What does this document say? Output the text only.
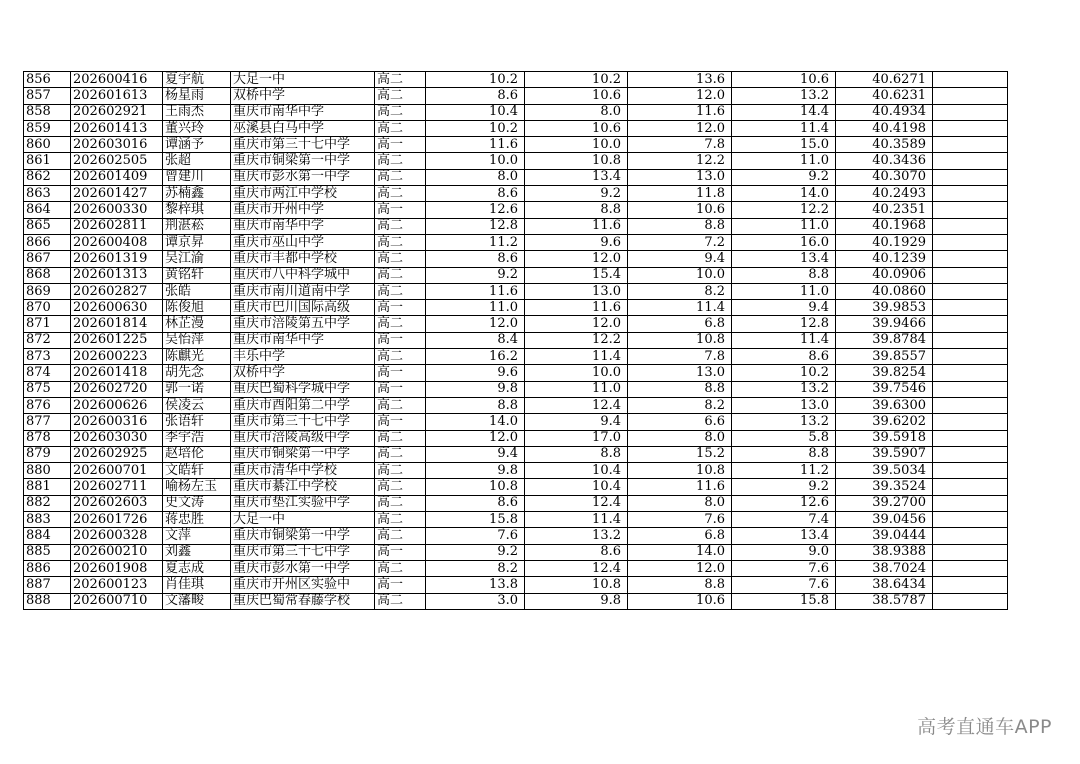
856	202600416	夏宇航	大足一中	高二	10.2	10.2	13.6	10.6	40.6271	
857	202601613	杨星雨	双桥中学	高二	8.6	10.6	12.0	13.2	40.6231	
858	202602921	王雨杰	重庆市南华中学	高二	10.4	8.0	11.6	14.4	40.4934	
859	202601413	董兴玲	巫溪县白马中学	高二	10.2	10.6	12.0	11.4	40.4198	
860	202603016	谭涵予	重庆市第三十七中学	高一	11.6	10.0	7.8	15.0	40.3589	
861	202602505	张超	重庆市铜梁第一中学	高二	10.0	10.8	12.2	11.0	40.3436	
862	202601409	曾建川	重庆市彭水第一中学	高二	8.0	13.4	13.0	9.2	40.3070	
863	202601427	苏楠鑫	重庆市两江中学校	高二	8.6	9.2	11.8	14.0	40.2493	
864	202600330	黎梓琪	重庆市开州中学	高一	12.6	8.8	10.6	12.2	40.2351	
865	202602811	荆湛菘	重庆市南华中学	高二	12.8	11.6	8.8	11.0	40.1968	
866	202600408	谭京昇	重庆市巫山中学	高二	11.2	9.6	7.2	16.0	40.1929	
867	202601319	吴江渝	重庆市丰都中学校	高二	8.6	12.0	9.4	13.4	40.1239	
868	202601313	黄铭轩	重庆市八中科学城中	高二	9.2	15.4	10.0	8.8	40.0906	
869	202602827	张皓	重庆市南川道南中学	高二	11.6	13.0	8.2	11.0	40.0860	
870	202600630	陈俊旭	重庆市巴川国际高级	高一	11.0	11.6	11.4	9.4	39.9853	
871	202601814	林芷漫	重庆市涪陵第五中学	高二	12.0	12.0	6.8	12.8	39.9466	
872	202601225	吴怡萍	重庆市南华中学	高一	8.4	12.2	10.8	11.4	39.8784	
873	202600223	陈麒光	丰乐中学	高二	16.2	11.4	7.8	8.6	39.8557	
874	202601418	胡先念	双桥中学	高一	9.6	10.0	13.0	10.2	39.8254	
875	202602720	郭一诺	重庆巴蜀科学城中学	高一	9.8	11.0	8.8	13.2	39.7546	
876	202600626	侯凌云	重庆市酉阳第二中学	高二	8.8	12.4	8.2	13.0	39.6300	
877	202600316	张语轩	重庆市第三十七中学	高一	14.0	9.4	6.6	13.2	39.6202	
878	202603030	李宇浩	重庆市涪陵高级中学	高二	12.0	17.0	8.0	5.8	39.5918	
879	202602925	赵培伦	重庆市铜梁第一中学	高二	9.4	8.8	15.2	8.8	39.5907	
880	202600701	文皓轩	重庆市清华中学校	高二	9.8	10.4	10.8	11.2	39.5034	
881	202602711	喻杨左玉	重庆市綦江中学校	高二	10.8	10.4	11.6	9.2	39.3524	
882	202602603	史文涛	重庆市垫江实验中学	高二	8.6	12.4	8.0	12.6	39.2700	
883	202601726	蒋忠胜	大足一中	高二	15.8	11.4	7.6	7.4	39.0456	
884	202600328	文萍	重庆市铜梁第一中学	高二	7.6	13.2	6.8	13.4	39.0444	
885	202600210	刘鑫	重庆市第三十七中学	高一	9.2	8.6	14.0	9.0	38.9388	
886	202601908	夏志成	重庆市彭水第一中学	高二	8.2	12.4	12.0	7.6	38.7024	
887	202600123	肖佳琪	重庆市开州区实验中	高一	13.8	10.8	8.8	7.6	38.6434	
888	202600710	文藩畯	重庆巴蜀常春藤学校	高二	3.0	9.8	10.6	15.8	38.5787	
高考直通车APP
